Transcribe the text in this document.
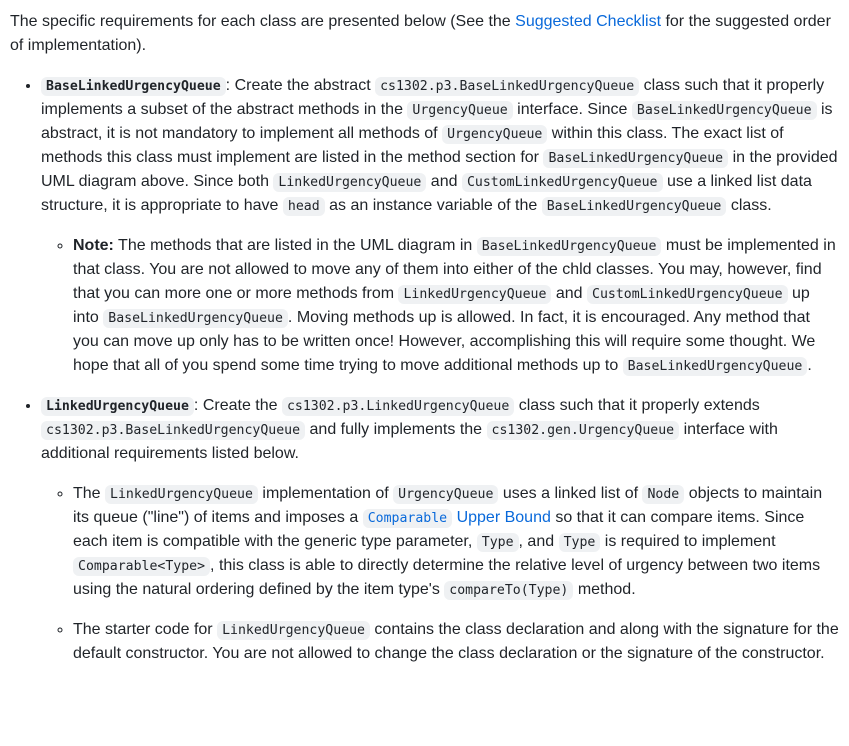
The specific requirements for each class are presented below (See the Suggested Checklist for the suggested order of implementation).

• BaseLinkedUrgencyQueue : Create the abstract cs1302.p3.BaseLinkedUrgencyQueue class such that it properly implements a subset of the abstract methods in the UrgencyQueue interface. Since BaseLinkedUrgencyQueue is abstract, it is not mandatory to implement all methods of UrgencyQueue within this class. The exact list of methods this class must implement are listed in the method section for BaseLinkedUrgencyQueue in the provided UML diagram above. Since both LinkedUrgencyQueue and CustomLinkedUrgencyQueue use a linked list data structure, it is appropriate to have head as an instance variable of the BaseLinkedUrgencyQueue class.
◦ Note: The methods that are listed in the UML diagram in BaseLinkedUrgencyQueue must be implemented in that class. You are not allowed to move any of them into either of the chld classes. You may, however, find that you can more one or more methods from LinkedUrgencyQueue and CustomLinkedUrgencyQueue up into BaseLinkedUrgencyQueue . Moving methods up is allowed. In fact, it is encouraged. Any method that you can move up only has to be written once! However, accomplishing this will require some thought. We hope that all of you spend some time trying to move additional methods up to BaseLinkedUrgencyQueue .
• LinkedUrgencyQueue : Create the cs1302.p3.LinkedUrgencyQueue class such that it properly extends cs1302.p3.BaseLinkedUrgencyQueue and fully implements the cs1302.gen.UrgencyQueue interface with additional requirements listed below.
◦ The LinkedUrgencyQueue implementation of UrgencyQueue uses a linked list of Node objects to maintain its queue ("line") of items and imposes a Comparable Upper Bound so that it can compare items. Since each item is compatible with the generic type parameter, Type , and Type is required to implement Comparable<Type> , this class is able to directly determine the relative level of urgency between two items using the natural ordering defined by the item type's compareTo(Type) method.
◦ The starter code for LinkedUrgencyQueue contains the class declaration and along with the signature for the default constructor. You are not allowed to change the class declaration or the signature of the constructor.
